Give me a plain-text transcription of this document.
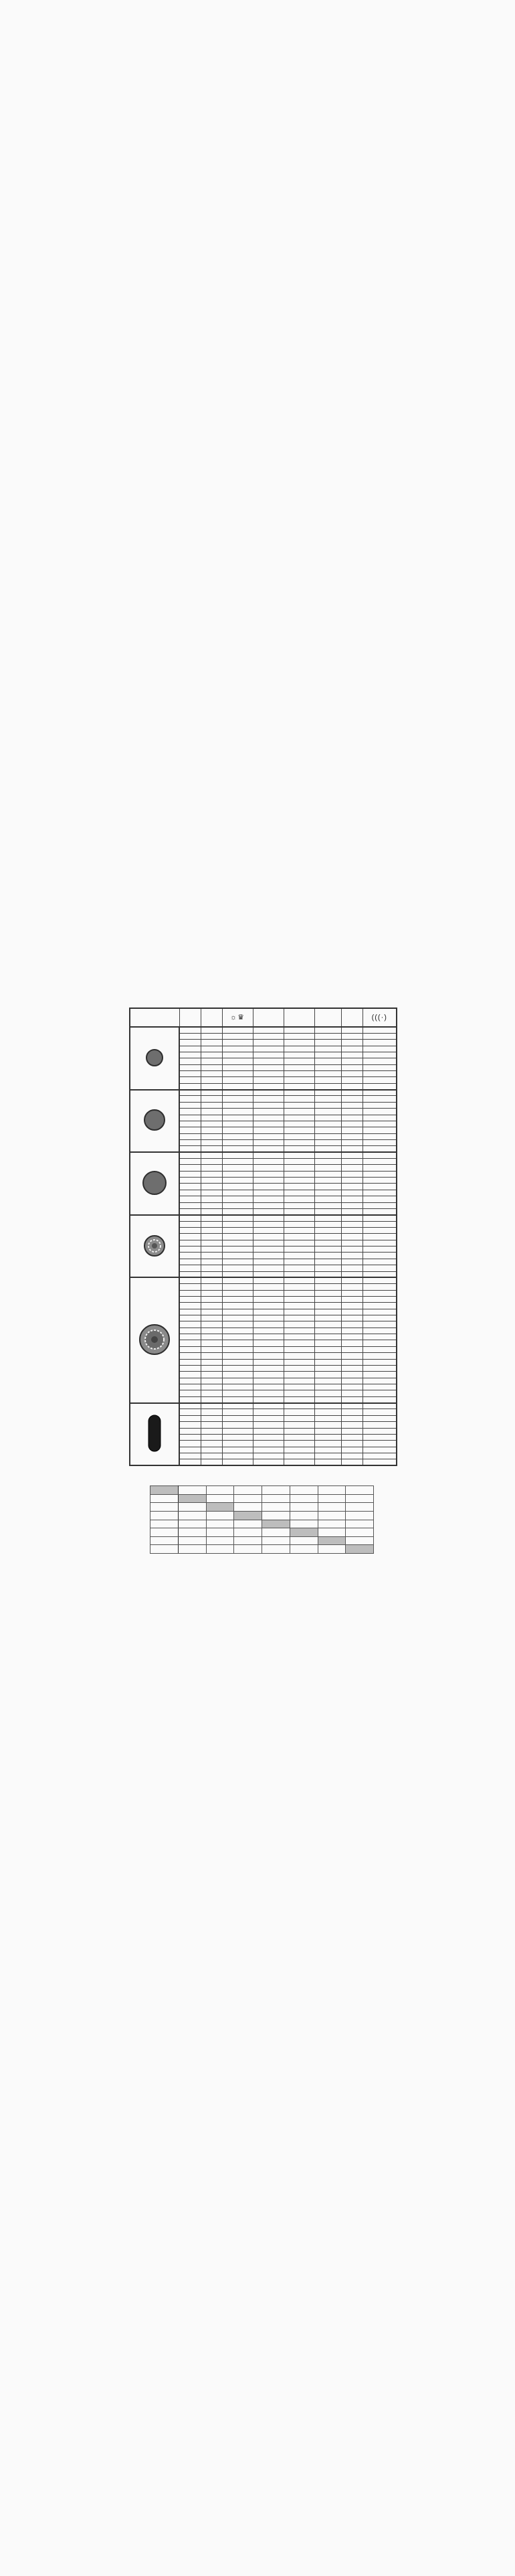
			☼♛					(((·)
